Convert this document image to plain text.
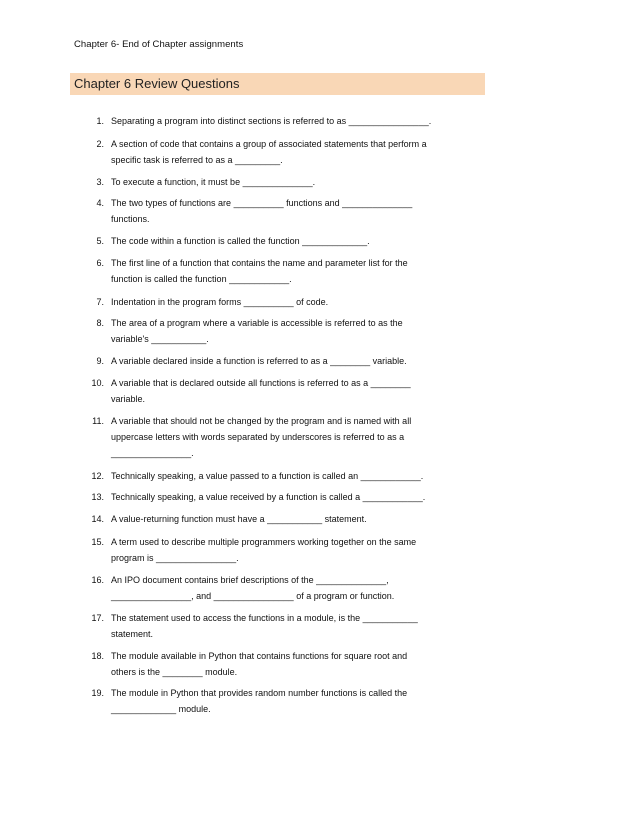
Chapter 6- End of Chapter assignments
Chapter 6 Review Questions
1. Separating a program into distinct sections is referred to as ________________.
2. A section of code that contains a group of associated statements that perform a
specific task is referred to as a _________.
3. To execute a function, it must be ______________.
4. The two types of functions are __________ functions and ______________
functions.
5. The code within a function is called the function _____________.
6. The first line of a function that contains the name and parameter list for the
function is called the function ____________.
7. Indentation in the program forms __________ of code.
8. The area of a program where a variable is accessible is referred to as the
variable's ___________.
9. A variable declared inside a function is referred to as a ________ variable.
10. A variable that is declared outside all functions is referred to as a ________
variable.
11. A variable that should not be changed by the program and is named with all
uppercase letters with words separated by underscores is referred to as a
________________.
12. Technically speaking, a value passed to a function is called an ____________.
13. Technically speaking, a value received by a function is called a ____________.
14. A value-returning function must have a ___________ statement.
15. A term used to describe multiple programmers working together on the same
program is ________________.
16. An IPO document contains brief descriptions of the ______________,
________________, and ________________ of a program or function.
17. The statement used to access the functions in a module, is the ___________
statement.
18. The module available in Python that contains functions for square root and
others is the ________ module.
19. The module in Python that provides random number functions is called the
_____________ module.
